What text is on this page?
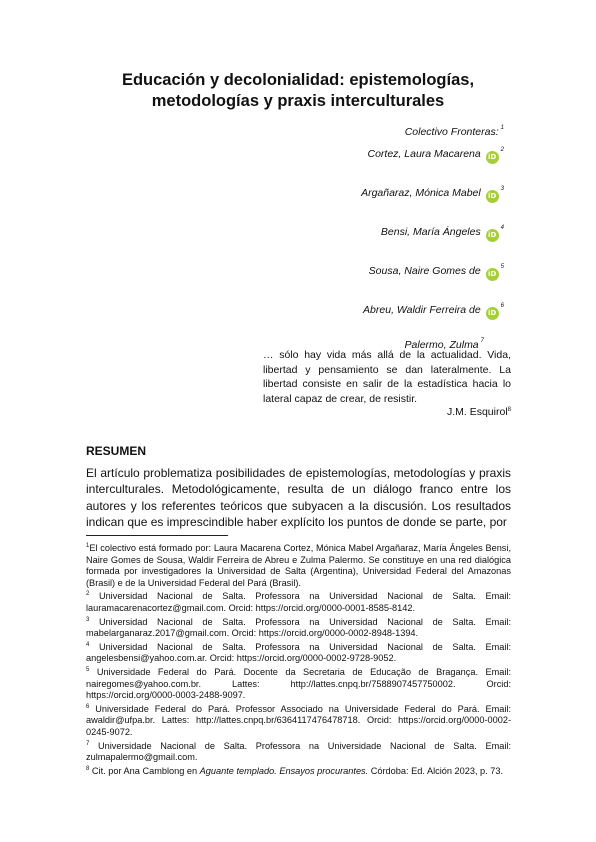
Educación y decolonialidad: epistemologías,
metodologías y praxis interculturales
Colectivo Fronteras: $^1$
Cortez, Laura Macarena $iD^2$
Argañaraz, Mónica Mabel $iD^3$
Bensi, María Ángeles $iD^4$
Sousa, Naire Gomes de $iD^5$
Abreu, Waldir Ferreira de $iD^6$
Palermo, Zulma $^7$

… sólo hay vida más allá de la actualidad. Vida, libertad y pensamiento se dan lateralmente. La libertad consiste en salir de la estadística hacia lo lateral capaz de crear, de resistir.

J.M. Esquirol$^8$
RESUMEN

El artículo problematiza posibilidades de epistemologías, metodologías y praxis interculturales. Metodológicamente, resulta de un diálogo franco entre los autores y los referentes teóricos que subyacen a la discusión. Los resultados indican que es imprescindible haber explícito los puntos de donde se parte, por

$^1$El colectivo está formado por: Laura Macarena Cortez, Mónica Mabel Argañaraz, María Ángeles Bensi, Naire Gomes de Sousa, Waldir Ferreira de Abreu e Zulma Palermo. Se constituye en una red dialógica formada por investigadores la Universidad de Salta (Argentina), Universidad Federal del Amazonas (Brasil) e de la Universidad Federal del Pará (Brasil).

$^2$ Universidad Nacional de Salta. Professora na Universidad Nacional de Salta. Email: lauramacarenacortez@gmail.com. Orcid: https://orcid.org/0000-0001-8585-8142.

$^3$ Universidad Nacional de Salta. Professora na Universidad Nacional de Salta. Email: mabelarganaraz.2017@gmail.com. Orcid: https://orcid.org/0000-0002-8948-1394.

$^4$ Universidad Nacional de Salta. Professora na Universidad Nacional de Salta. Email: angelesbensi@yahoo.com.ar. Orcid: https://orcid.org/0000-0002-9728-9052.

$^5$ Universidade Federal do Pará. Docente da Secretaria de Educação de Bragança. Email: nairegomes@yahoo.com.br. Lattes: http://lattes.cnpq.br/7588907457750002. Orcid: https://orcid.org/0000-0003-2488-9097.

$^6$ Universidade Federal do Pará. Professor Associado na Universidade Federal do Pará. Email: awaldir@ufpa.br. Lattes: http://lattes.cnpq.br/6364117476478718. Orcid: https://orcid.org/0000-0002-0245-9072.

$^7$ Universidade Nacional de Salta. Professora na Universidade Nacional de Salta. Email: zulmapalermo@gmail.com.

$^8$ Cit. por Ana Camblong en Aguante templado. Ensayos procurantes. Córdoba: Ed. Alción 2023, p. 73.
